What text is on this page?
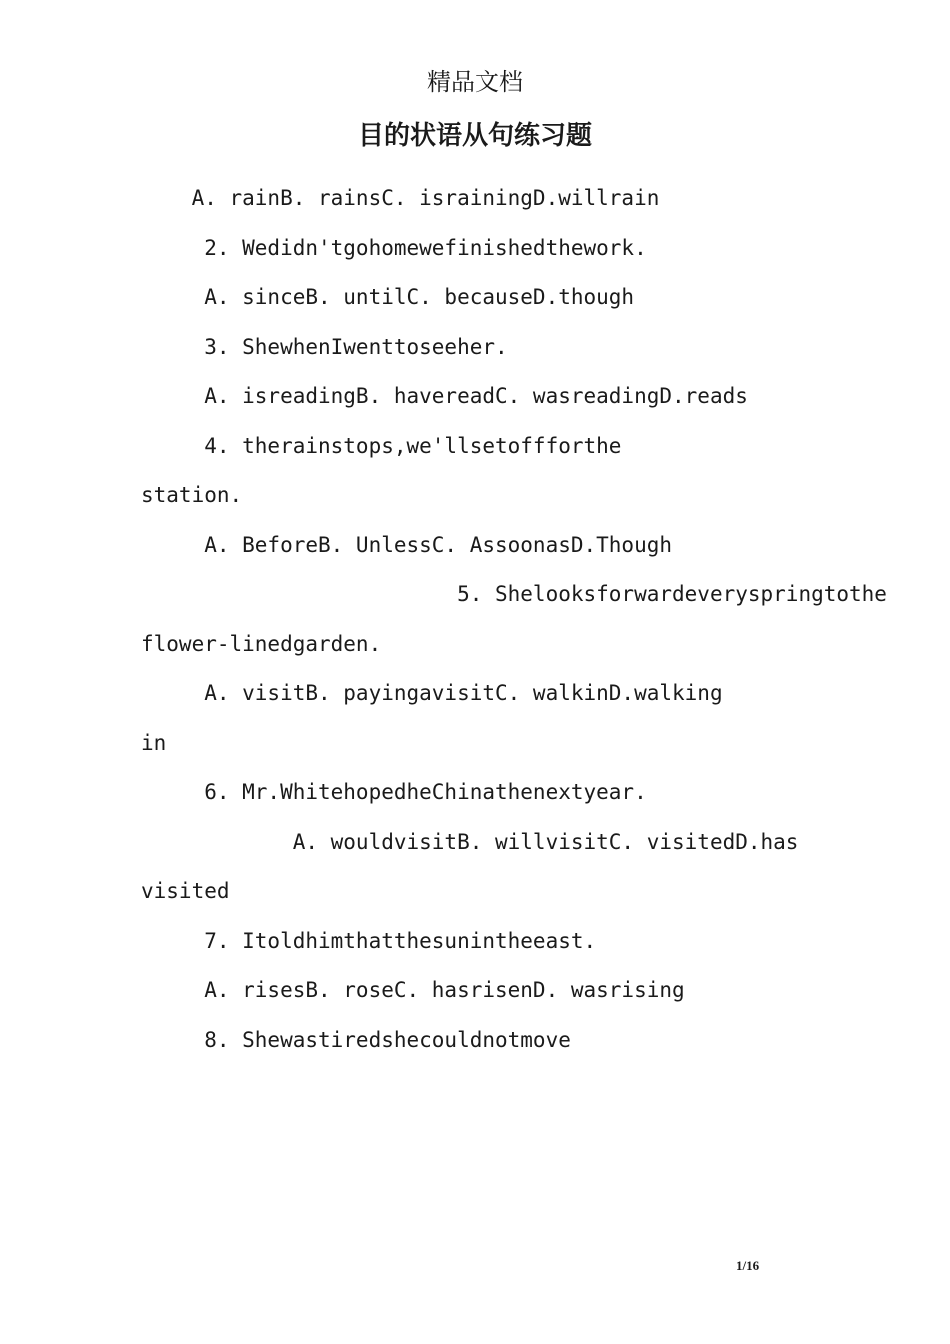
精品文档
目的状语从句练习题
A. rainB. rainsC. israiningD.willrain
2. Wedidn'tgohomewefinishedthework.
A. sinceB. untilC. becauseD.though
3. ShewhenIwenttoseeher.
A. isreadingB. havereadC. wasreadingD.reads
4. therainstops,we'llsetoffforthe
station.
A. BeforeB. UnlessC. AssoonasD.Though
5. Shelooksforwardeveryspringtothe
flower-linedgarden.
A. visitB. payingavisitC. walkinD.walking
in
6. Mr.WhitehopedheChinathenextyear.
A. wouldvisitB. willvisitC. visitedD.has
visited
7. Itoldhimthatthesunintheeast.
A. risesB. roseC. hasrisenD. wasrising
8. Shewastiredshecouldnotmove
1/16
